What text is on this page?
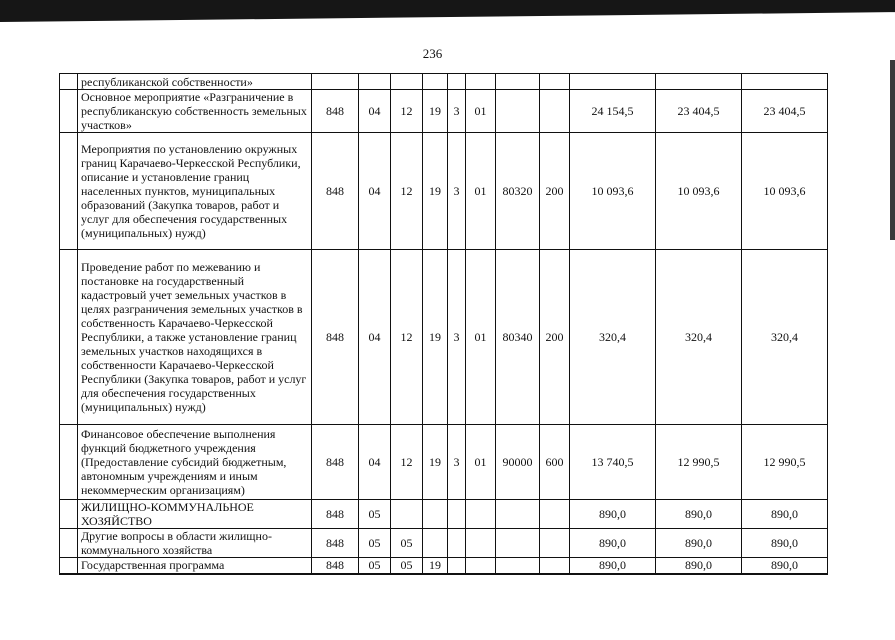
236
	республиканской собственности»											
	Основное мероприятие «Разграничение в республиканскую собственность земельных участков»	848	04	12	19	3	01			24 154,5	23 404,5	23 404,5
	Мероприятия по установлению окружных границ Карачаево-Черкесской Республики, описание и установление границ населенных пунктов, муниципальных образований (Закупка товаров, работ и услуг для обеспечения государственных (муниципальных) нужд)	848	04	12	19	3	01	80320	200	10 093,6	10 093,6	10 093,6
	Проведение работ по межеванию и постановке на государственный кадастровый учет земельных участков в целях разграничения земельных участков в собственность Карачаево-Черкесской Республики, а также установление границ земельных участков находящихся в собственности Карачаево-Черкесской Республики (Закупка товаров, работ и услуг для обеспечения государственных (муниципальных) нужд)	848	04	12	19	3	01	80340	200	320,4	320,4	320,4
	Финансовое обеспечение выполнения функций бюджетного учреждения (Предоставление субсидий бюджетным, автономным учреждениям и иным некоммерческим организациям)	848	04	12	19	3	01	90000	600	13 740,5	12 990,5	12 990,5
	ЖИЛИЩНО-КОММУНАЛЬНОЕ ХОЗЯЙСТВО	848	05							890,0	890,0	890,0
	Другие вопросы в области жилищно-коммунального хозяйства	848	05	05						890,0	890,0	890,0
	Государственная программа	848	05	05	19					890,0	890,0	890,0
